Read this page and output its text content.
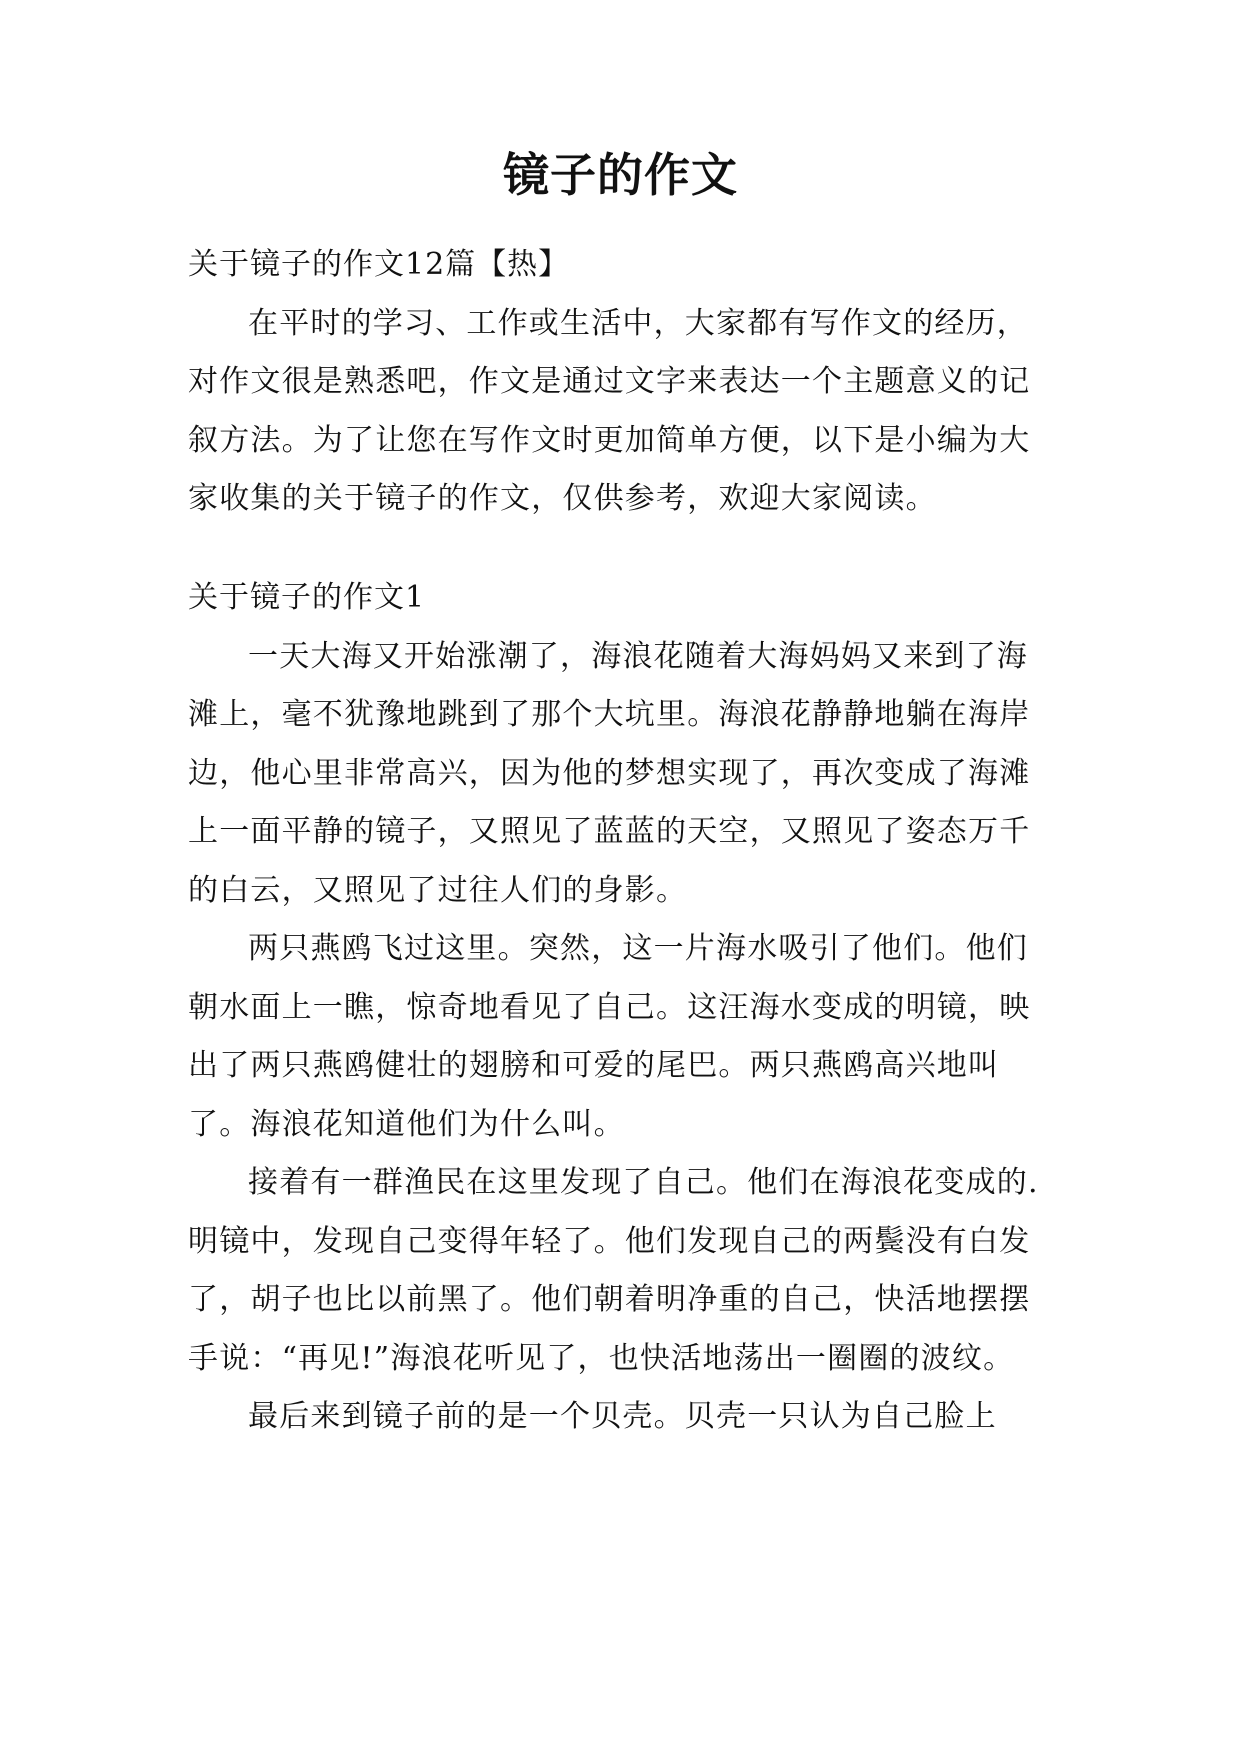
镜子的作文
关于镜子的作文12篇【热】

在平时的学习、工作或生活中，大家都有写作文的经历，对作文很是熟悉吧，作文是通过文字来表达一个主题意义的记叙方法。为了让您在写作文时更加简单方便，以下是小编为大家收集的关于镜子的作文，仅供参考，欢迎大家阅读。

关于镜子的作文1

一天大海又开始涨潮了，海浪花随着大海妈妈又来到了海滩上，毫不犹豫地跳到了那个大坑里。海浪花静静地躺在海岸边，他心里非常高兴，因为他的梦想实现了，再次变成了海滩上一面平静的镜子，又照见了蓝蓝的天空，又照见了姿态万千的白云，又照见了过往人们的身影。

两只燕鸥飞过这里。突然，这一片海水吸引了他们。他们朝水面上一瞧，惊奇地看见了自己。这汪海水变成的明镜，映出了两只燕鸥健壮的翅膀和可爱的尾巴。两只燕鸥高兴地叫了。海浪花知道他们为什么叫。

接着有一群渔民在这里发现了自己。他们在海浪花变成的.明镜中，发现自己变得年轻了。他们发现自己的两鬓没有白发了，胡子也比以前黑了。他们朝着明净重的自己，快活地摆摆手说：“再见!”海浪花听见了，也快活地荡出一圈圈的波纹。

最后来到镜子前的是一个贝壳。贝壳一只认为自己脸上
